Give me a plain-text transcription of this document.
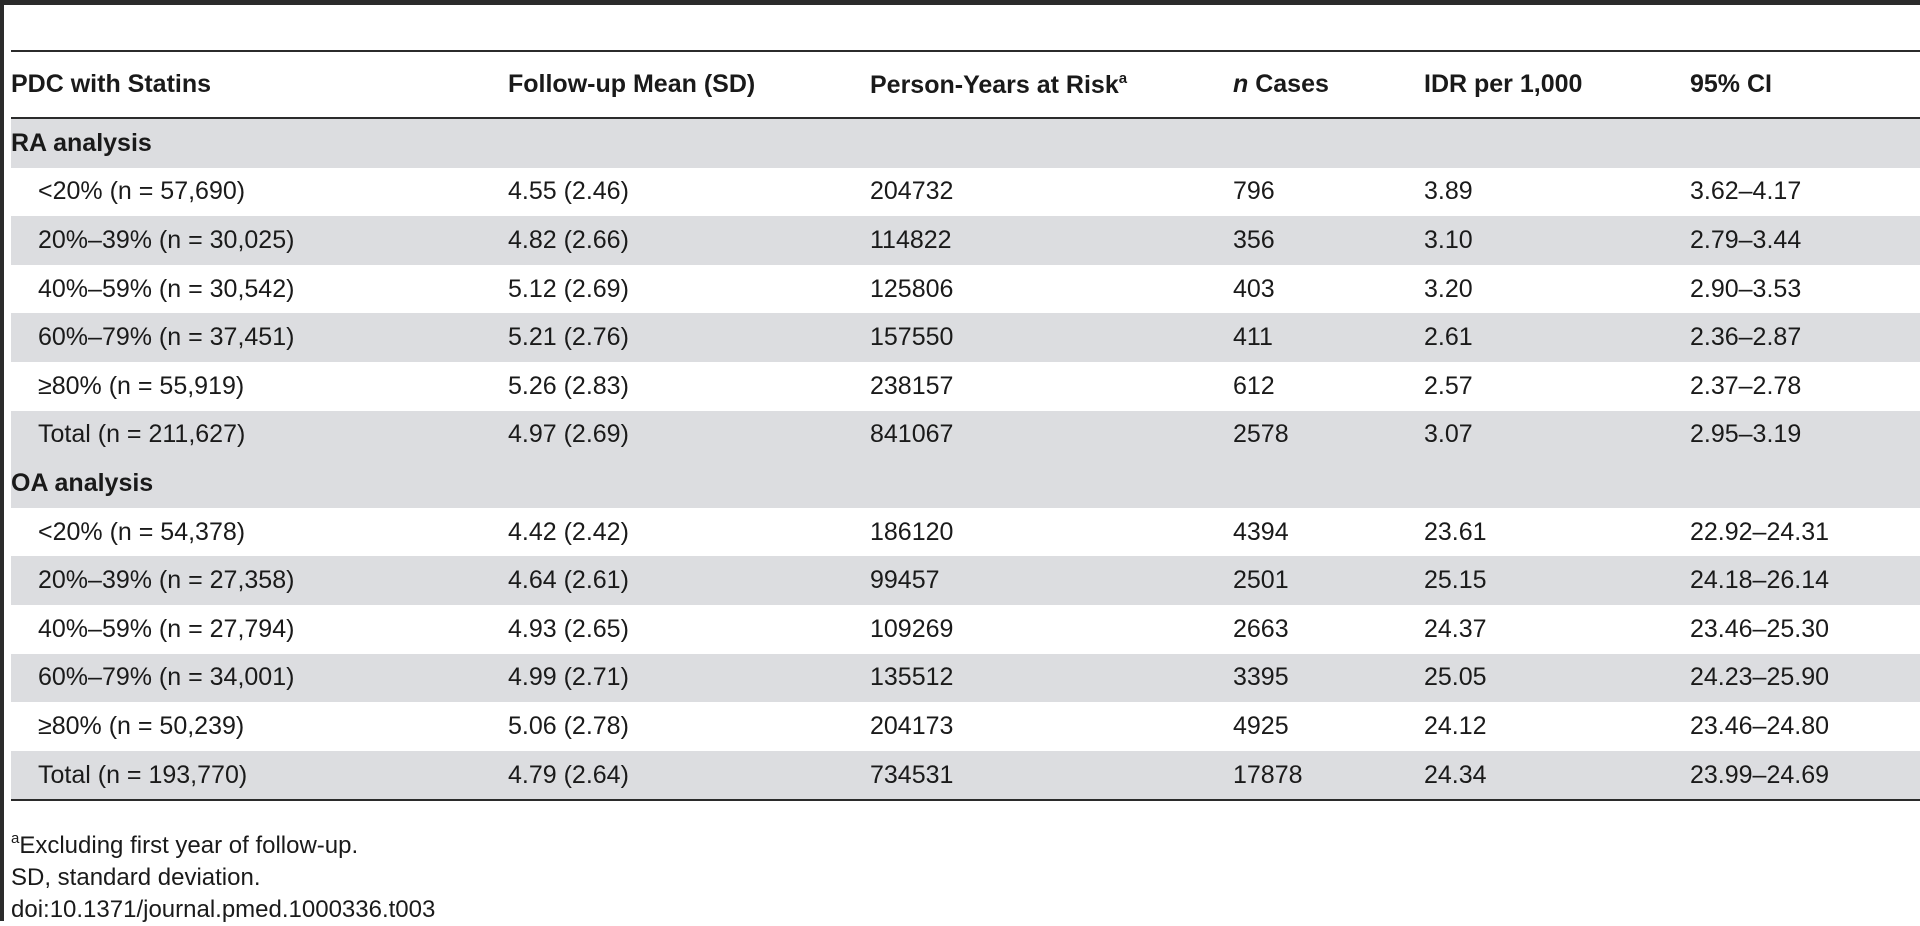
PDC with Statins	Follow-up Mean (SD)	Person-Years at Risk$^a$	n Cases	IDR per 1,000	95% CI
RA analysis					
<20% (n = 57,690)	4.55 (2.46)	204732	796	3.89	3.62–4.17
20%–39% (n = 30,025)	4.82 (2.66)	114822	356	3.10	2.79–3.44
40%–59% (n = 30,542)	5.12 (2.69)	125806	403	3.20	2.90–3.53
60%–79% (n = 37,451)	5.21 (2.76)	157550	411	2.61	2.36–2.87
≥80% (n = 55,919)	5.26 (2.83)	238157	612	2.57	2.37–2.78
Total (n = 211,627)	4.97 (2.69)	841067	2578	3.07	2.95–3.19
OA analysis					
<20% (n = 54,378)	4.42 (2.42)	186120	4394	23.61	22.92–24.31
20%–39% (n = 27,358)	4.64 (2.61)	99457	2501	25.15	24.18–26.14
40%–59% (n = 27,794)	4.93 (2.65)	109269	2663	24.37	23.46–25.30
60%–79% (n = 34,001)	4.99 (2.71)	135512	3395	25.05	24.23–25.90
≥80% (n = 50,239)	5.06 (2.78)	204173	4925	24.12	23.46–24.80
Total (n = 193,770)	4.79 (2.64)	734531	17878	24.34	23.99–24.69
$^a$Excluding first year of follow-up.
SD, standard deviation.
doi:10.1371/journal.pmed.1000336.t003
